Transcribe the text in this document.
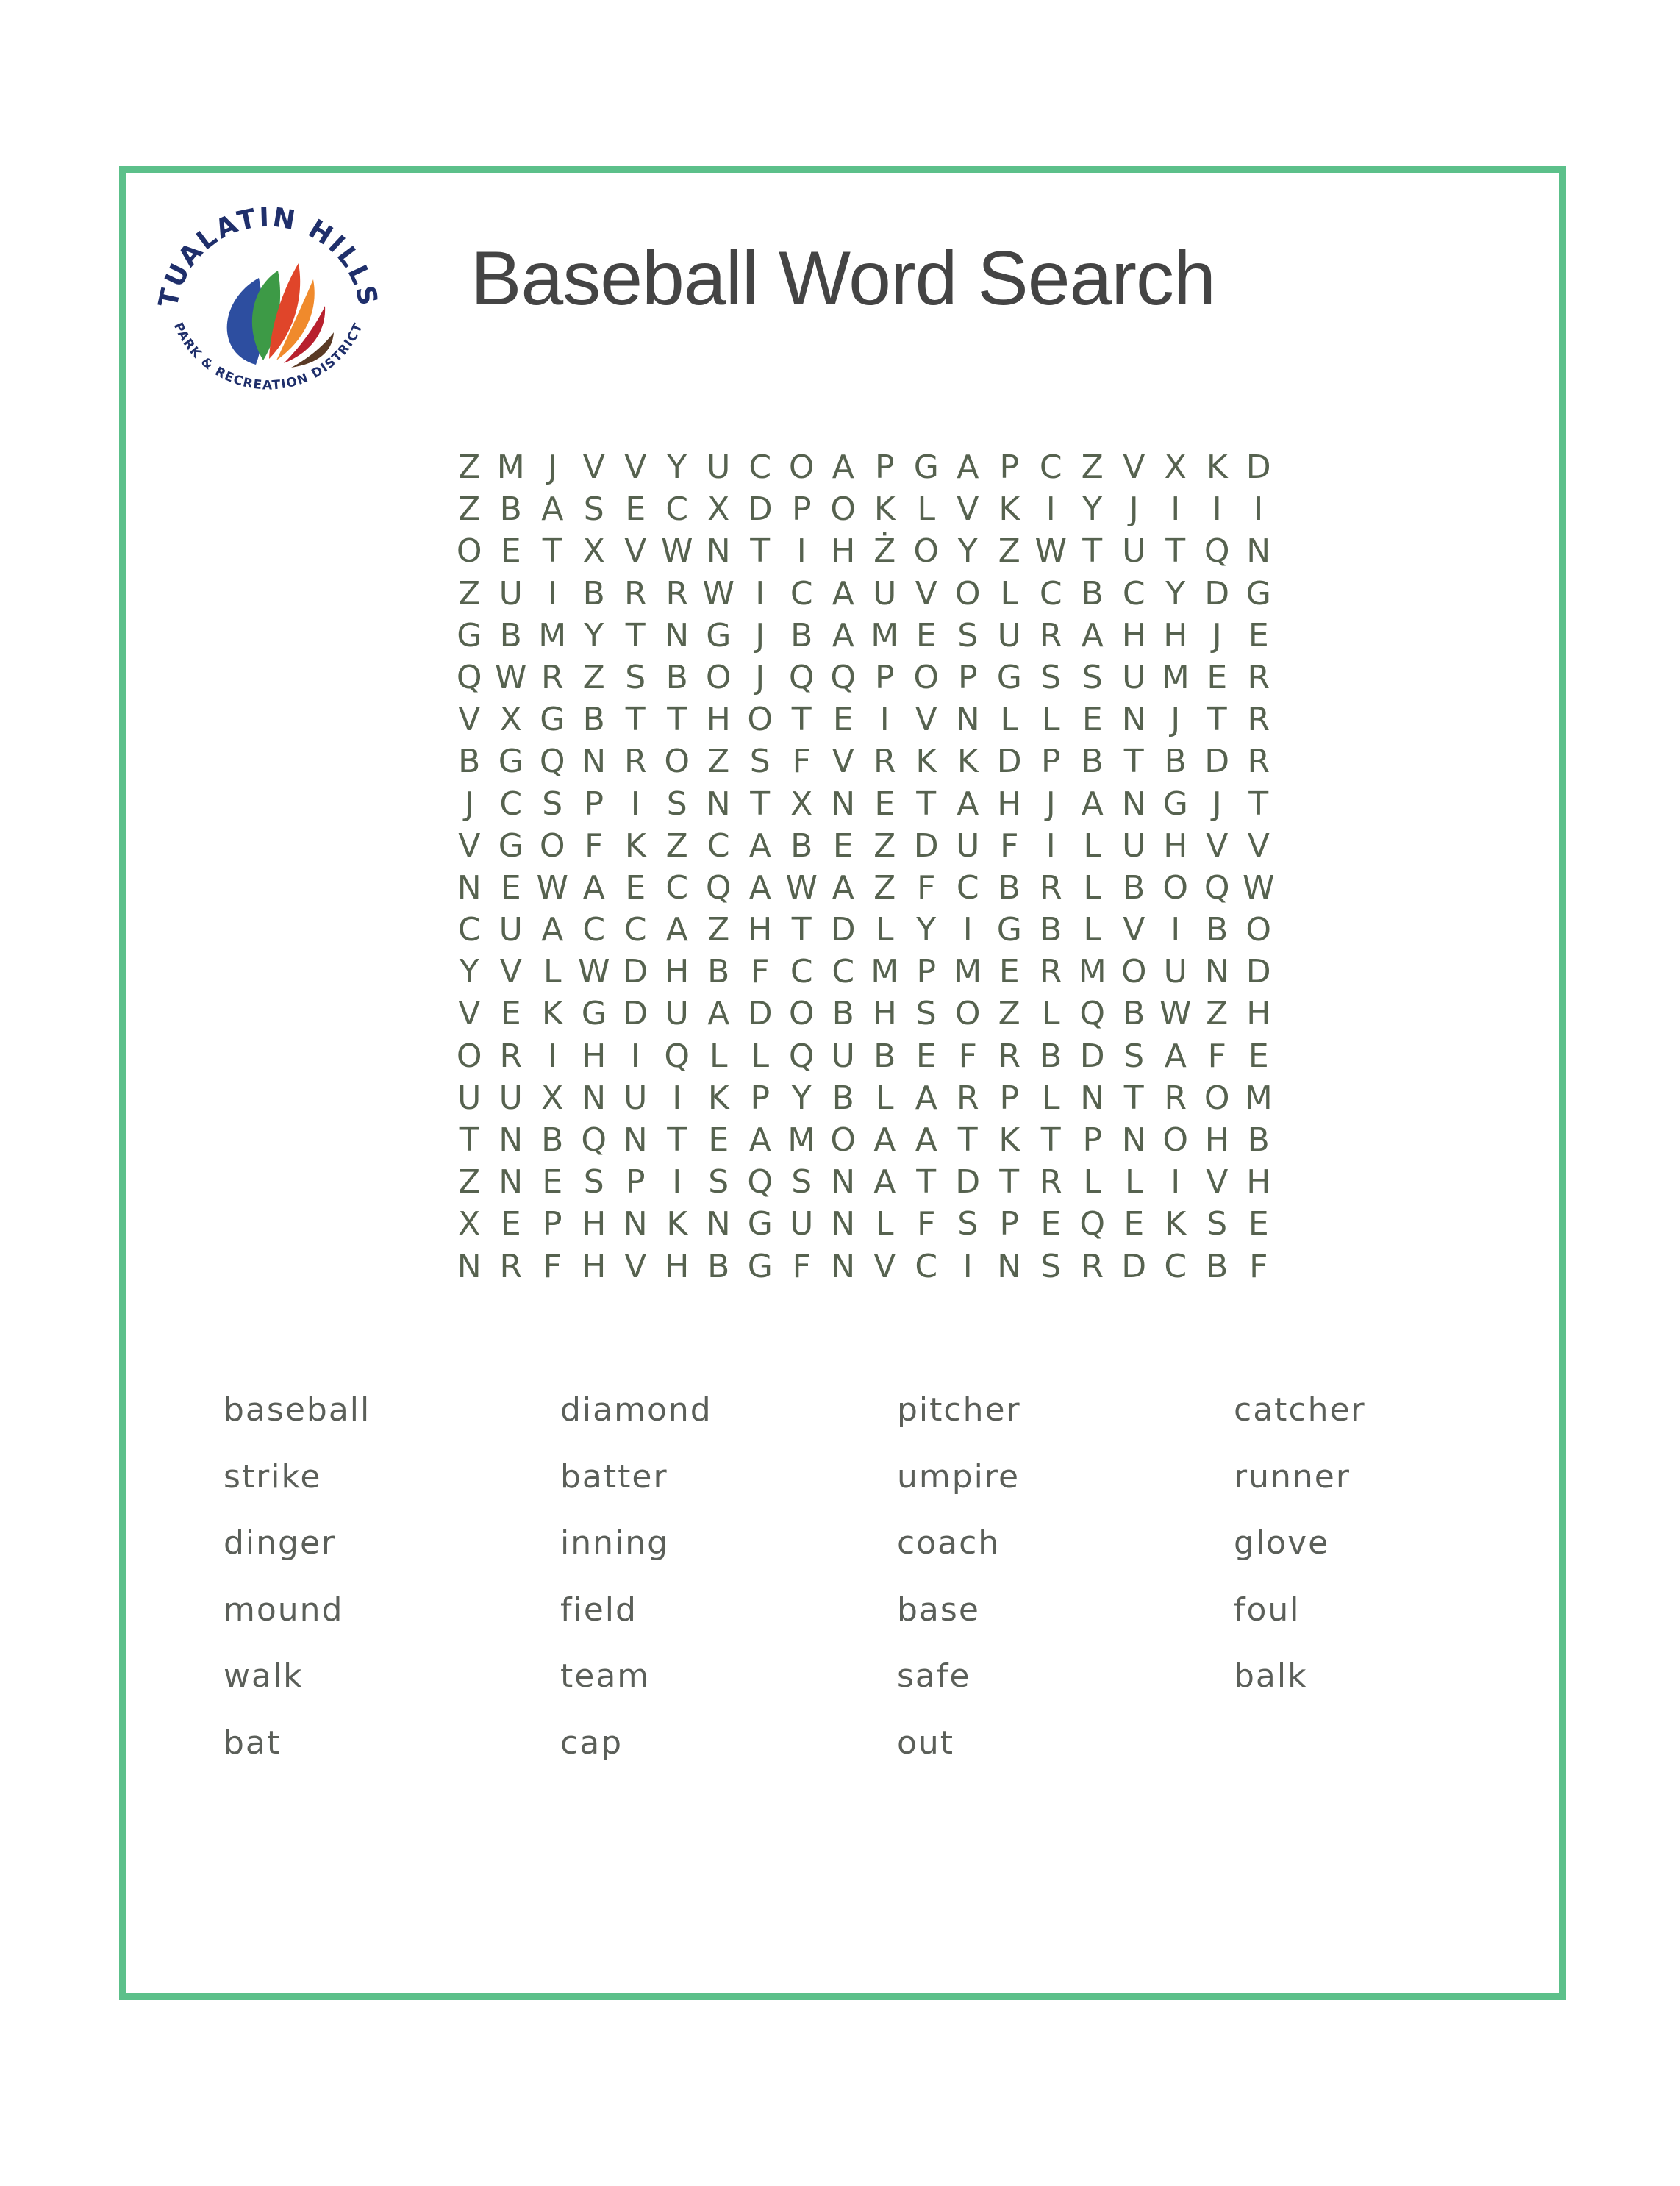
TUALATIN HILLS
PARK & RECREATION DISTRICT
Baseball Word Search
Z M J V V Y U C O A P G A P C Z V X K D
Z B A S E C X D P O K L V K I Y J I I I
O E T X V W N T I H Ż O Y Z W T U T Q N
Z U I B R R W I C A U V O L C B C Y D G
G B M Y T N G J B A M E S U R A H H J E
Q W R Z S B O J Q Q P O P G S S U M E R
V X G B T T H O T E I V N L L E N J T R
B G Q N R O Z S F V R K K D P B T B D R
J C S P I S N T X N E T A H J A N G J T
V G O F K Z C A B E Z D U F I L U H V V
N E W A E C Q A W A Z F C B R L B O Q W
C U A C C A Z H T D L Y I G B L V I B O
Y V L W D H B F C C M P M E R M O U N D
V E K G D U A D O B H S O Z L Q B W Z H
O R I H I Q L L Q U B E F R B D S A F E
U U X N U I K P Y B L A R P L N T R O M
T N B Q N T E A M O A A T K T P N O H B
Z N E S P I S Q S N A T D T R L L I V H
X E P H N K N G U N L F S P E Q E K S E
N R F H V H B G F N V C I N S R D C B F
baseball	diamond	pitcher	catcher
strike	batter	umpire	runner
dinger	inning	coach	glove
mound	field	base	foul
walk	team	safe	balk
bat	cap	out
